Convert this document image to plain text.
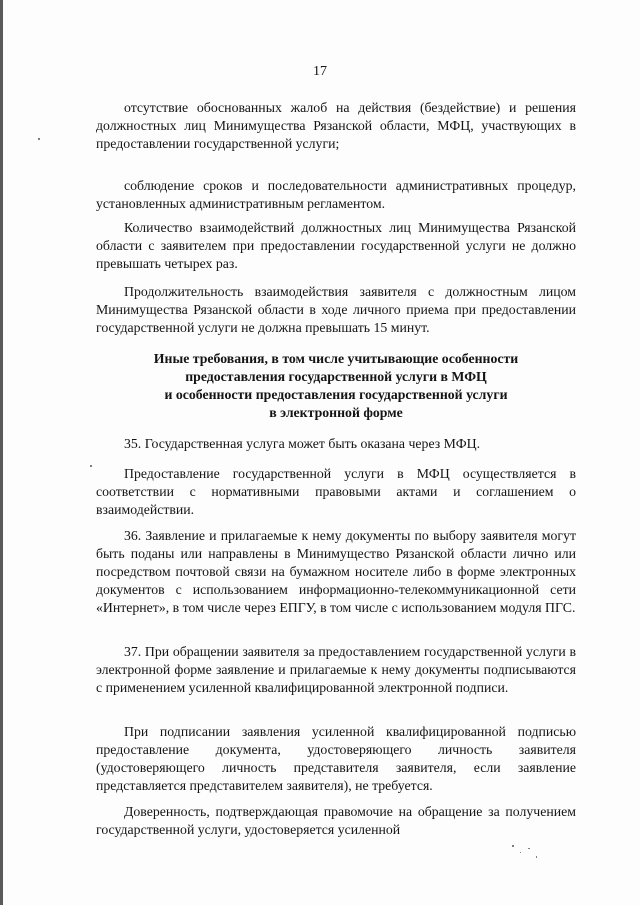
17

отсутствие обоснованных жалоб на действия (бездействие) и решения должностных лиц Минимущества Рязанской области, МФЦ, участвующих в предоставлении государственной услуги;

соблюдение сроков и последовательности административных процедур, установленных административным регламентом.

Количество взаимодействий должностных лиц Минимущества Рязанской области с заявителем при предоставлении государственной услуги не должно превышать четырех раз.

Продолжительность взаимодействия заявителя с должностным лицом Минимущества Рязанской области в ходе личного приема при предоставлении государственной услуги не должна превышать 15 минут.

Иные требования, в том числе учитывающие особенности
предоставления государственной услуги в МФЦ
и особенности предоставления государственной услуги
в электронной форме

35. Государственная услуга может быть оказана через МФЦ.

Предоставление государственной услуги в МФЦ осуществляется в соответствии с нормативными правовыми актами и соглашением о взаимодействии.

36. Заявление и прилагаемые к нему документы по выбору заявителя могут быть поданы или направлены в Минимущество Рязанской области лично или посредством почтовой связи на бумажном носителе либо в форме электронных документов с использованием информационно-телекоммуникационной сети «Интернет», в том числе через ЕПГУ, в том числе с использованием модуля ПГС.

37. При обращении заявителя за предоставлением государственной услуги в электронной форме заявление и прилагаемые к нему документы подписываются с применением усиленной квалифицированной электронной подписи.

При подписании заявления усиленной квалифицированной подписью предоставление документа, удостоверяющего личность заявителя (удостоверяющего личность представителя заявителя, если заявление представляется представителем заявителя), не требуется.

Доверенность, подтверждающая правомочие на обращение за получением государственной услуги, удостоверяется усиленной
